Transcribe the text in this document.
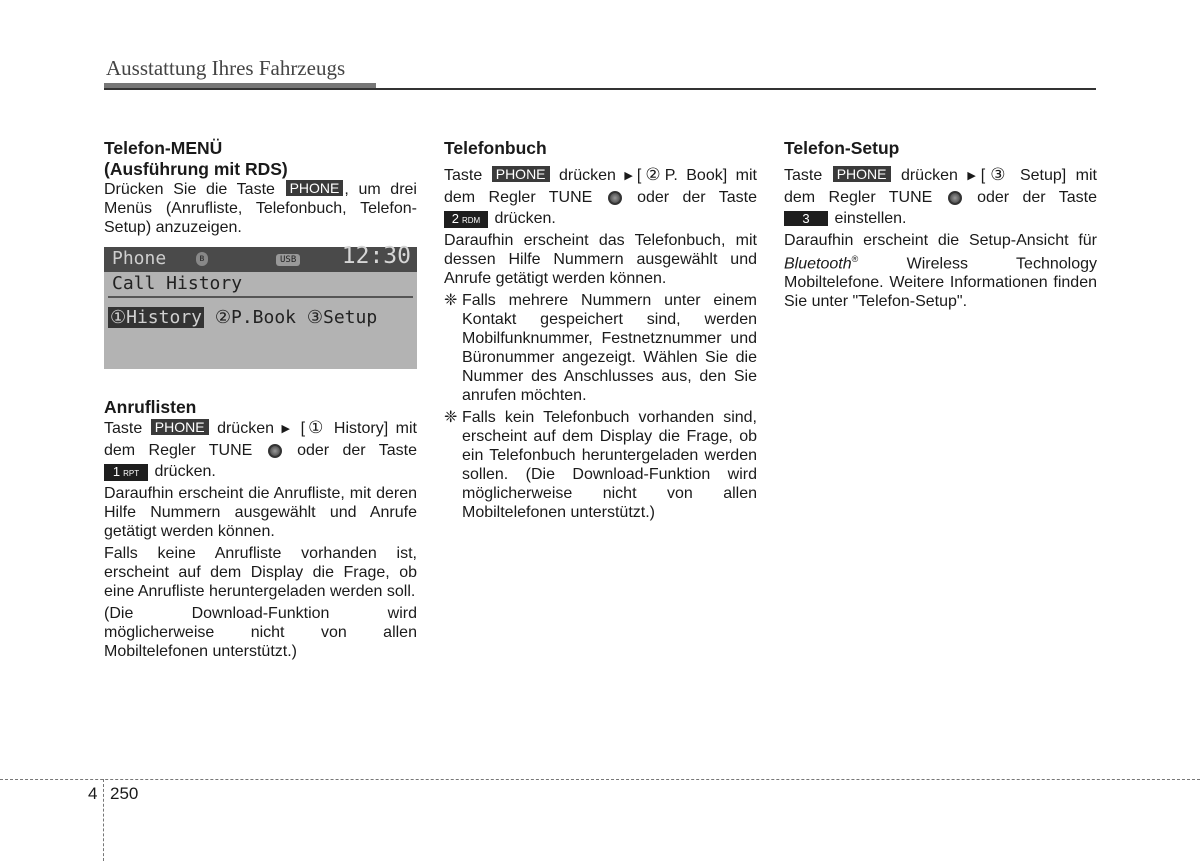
Ausstattung Ihres Fahrzeugs
Telefon-MENÜ
(Ausführung mit RDS)

Drücken Sie die Taste PHONE , um drei Menüs (Anrufliste, Telefonbuch, Telefon-Setup) anzuzeigen.

Phone	ʙ	USB 12:30
Call History
①History ②P.Book ③Setup
Anruflisten

Taste PHONE drücken ▶ [① History] mit

dem Regler TUNE	oder der Taste

1 RPT drücken.

Daraufhin erscheint die Anrufliste, mit deren Hilfe Nummern ausgewählt und Anrufe getätigt werden können.

Falls keine Anrufliste vorhanden ist, erscheint auf dem Display die Frage, ob eine Anrufliste heruntergeladen werden soll.

(Die	Download-Funktion	wird

möglicherweise nicht von allen

Mobiltelefonen unterstützt.)

Telefonbuch

Taste PHONE drücken ▶[②P. Book] mit

dem Regler TUNE	oder der Taste

2 RDM drücken.

Daraufhin erscheint das Telefonbuch, mit dessen Hilfe Nummern ausgewählt und Anrufe getätigt werden können.

❈ Falls mehrere Nummern unter einem Kontakt gespeichert sind, werden Mobilfunknummer, Festnetznummer und Büronummer angezeigt. Wählen Sie die Nummer des Anschlusses aus, den Sie anrufen möchten.
❈ Falls kein Telefonbuch vorhanden sind, erscheint auf dem Display die Frage, ob ein Telefonbuch heruntergeladen werden sollen. (Die Download-Funktion wird möglicherweise nicht von allen Mobiltelefonen unterstützt.)
Telefon-Setup

Taste PHONE drücken ▶[③ Setup] mit

dem Regler TUNE	oder der Taste

3 einstellen.

Daraufhin erscheint die Setup-Ansicht für Bluetooth®	Wireless Technology Mobiltelefone. Weitere Informationen finden Sie unter "Telefon-Setup".

4 250
